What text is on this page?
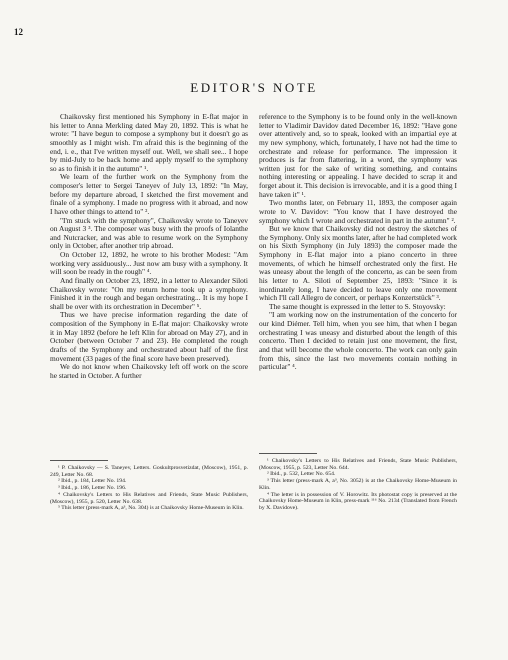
12
EDITOR'S NOTE

Chaikovsky first mentioned his Symphony in E-flat major in his letter to Anna Merkling dated May 20, 1892. This is what he wrote: "I have begun to compose a symphony but it doesn't go as smoothly as I might wish. I'm afraid this is the beginning of the end, i. e., that I've written myself out. Well, we shall see... I hope by mid-July to be back home and apply myself to the symphony so as to finish it in the autumn" ¹.

We learn of the further work on the Symphony from the composer's letter to Sergei Taneyev of July 13, 1892: "In May, before my departure abroad, I sketched the first movement and finale of a symphony. I made no progress with it abroad, and now I have other things to attend to" ².

"I'm stuck with the symphony", Chaikovsky wrote to Taneyev on August 3 ³. The composer was busy with the proofs of Iolanthe and Nutcracker, and was able to resume work on the Symphony only in October, after another trip abroad.

On October 12, 1892, he wrote to his brother Modest: "Am working very assiduously... Just now am busy with a symphony. It will soon be ready in the rough" ⁴.

And finally on October 23, 1892, in a letter to Alexander Siloti Chaikovsky wrote: "On my return home took up a symphony. Finished it in the rough and began orchestrating... It is my hope I shall be over with its orchestration in December" ⁵.

Thus we have precise information regarding the date of composition of the Symphony in E-flat major: Chaikovsky wrote it in May 1892 (before he left Klin for abroad on May 27), and in October (between October 7 and 23). He completed the rough drafts of the Symphony and orchestrated about half of the first movement (33 pages of the final score have been preserved).

We do not know when Chaikovsky left off work on the score he started in October. A further

reference to the Symphony is to be found only in the well-known letter to Vladimir Davidov dated December 16, 1892: "Have gone over attentively and, so to speak, looked with an impartial eye at my new symphony, which, fortunately, I have not had the time to orchestrate and release for performance. The impression it produces is far from flattering, in a word, the symphony was written just for the sake of writing something, and contains nothing interesting or appealing. I have decided to scrap it and forget about it. This decision is irrevocable, and it is a good thing I have taken it" ¹.

Two months later, on February 11, 1893, the composer again wrote to V. Davidov: "You know that I have destroyed the symphony which I wrote and orchestrated in part in the autumn" ².

But we know that Chaikovsky did not destroy the sketches of the Symphony. Only six months later, after he had completed work on his Sixth Symphony (in July 1893) the composer made the Symphony in E-flat major into a piano concerto in three movements, of which he himself orchestrated only the first. He was uneasy about the length of the concerto, as can be seen from his letter to A. Siloti of September 25, 1893: "Since it is inordinately long, I have decided to leave only one movement which I'll call Allegro de concert, or perhaps Konzertstück" ³.

The same thought is expressed in the letter to S. Stoyovsky:

"I am working now on the instrumentation of the concerto for our kind Diémer. Tell him, when you see him, that when I began orchestrating I was uneasy and disturbed about the length of this concerto. Then I decided to retain just one movement, the first, and that will become the whole concerto. The work can only gain from this, since the last two movements contain nothing in particular" ⁴.

¹ P. Chaikovsky — S. Taneyev, Letters. Goskultprosvetizdat, (Moscow), 1951, p. 249, Letter No. 68.
² Ibid., p. 184, Letter No. 194.
³ Ibid., p. 186, Letter No. 196.
⁴ Chaikovsky's Letters to His Relatives and Friends, State Music Publishers, (Moscow), 1955, p. 520, Letter No. 638.
⁵ This letter (press-mark A, a³, No. 304) is at Chaikovsky Home-Museum in Klin.
¹ Chaikovsky's Letters to His Relatives and Friends, State Music Publishers, (Moscow, 1955, p. 523, Letter No. 644.
² Ibid., p. 532, Letter No. 654.
³ This letter (press-mark A, a³, No. 3052) is at the Chaikovsky Home-Museum in Klin.
⁴ The letter is in possession of V. Horowitz. Its photostat copy is preserved at the Chaikovsky Home-Museum in Klin, press-mark ¹¹⁶ No. 2134 (Translated from French by X. Davidove).
